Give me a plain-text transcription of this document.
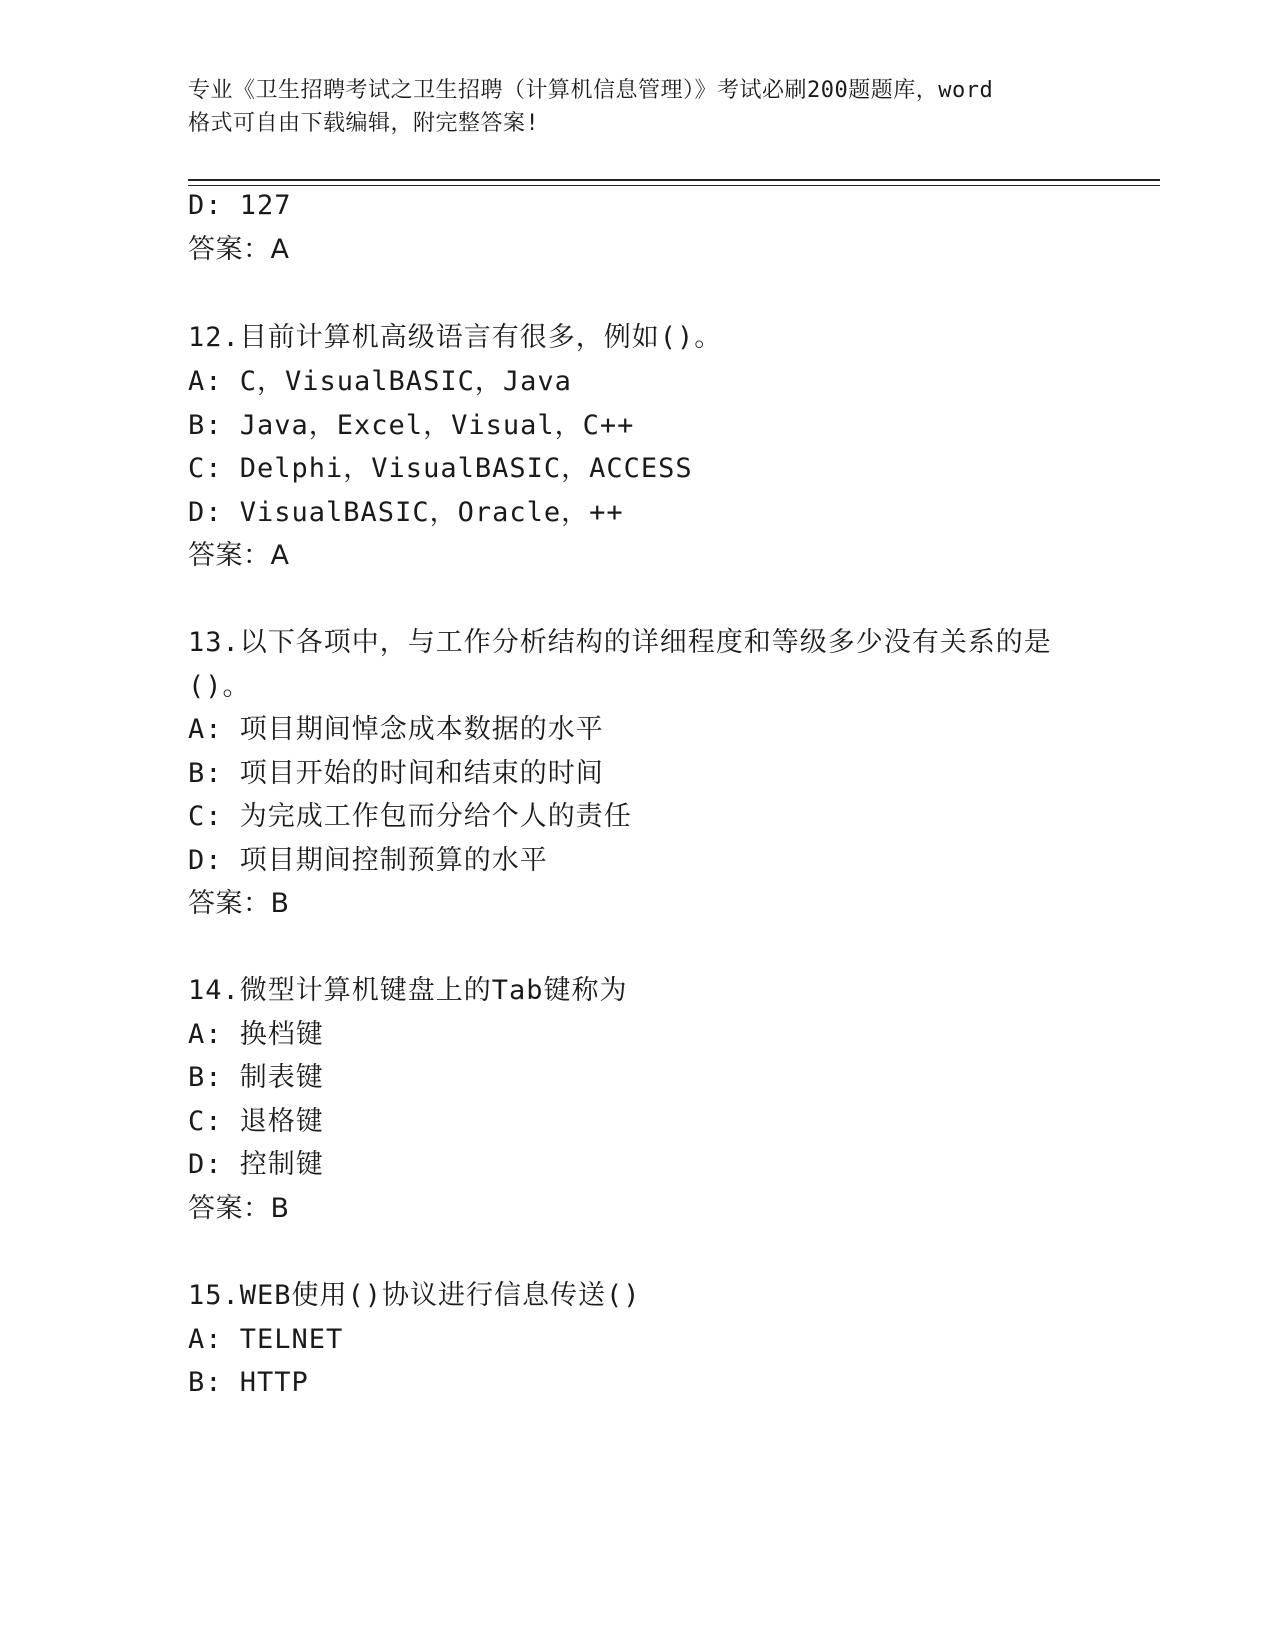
专业《卫生招聘考试之卫生招聘（计算机信息管理）》考试必刷200题题库，word
格式可自由下载编辑，附完整答案!
D: 127
答案：A
12.目前计算机高级语言有很多，例如()。
A: C，VisualBASIC，Java
B: Java，Excel，Visual，C++
C: Delphi，VisualBASIC，ACCESS
D: VisualBASIC，Oracle，++
答案：A
13.以下各项中，与工作分析结构的详细程度和等级多少没有关系的是
()。
A: 项目期间悼念成本数据的水平
B: 项目开始的时间和结束的时间
C: 为完成工作包而分给个人的责任
D: 项目期间控制预算的水平
答案：B
14.微型计算机键盘上的Tab键称为
A: 换档键
B: 制表键
C: 退格键
D: 控制键
答案：B
15.WEB使用()协议进行信息传送()
A: TELNET
B: HTTP
